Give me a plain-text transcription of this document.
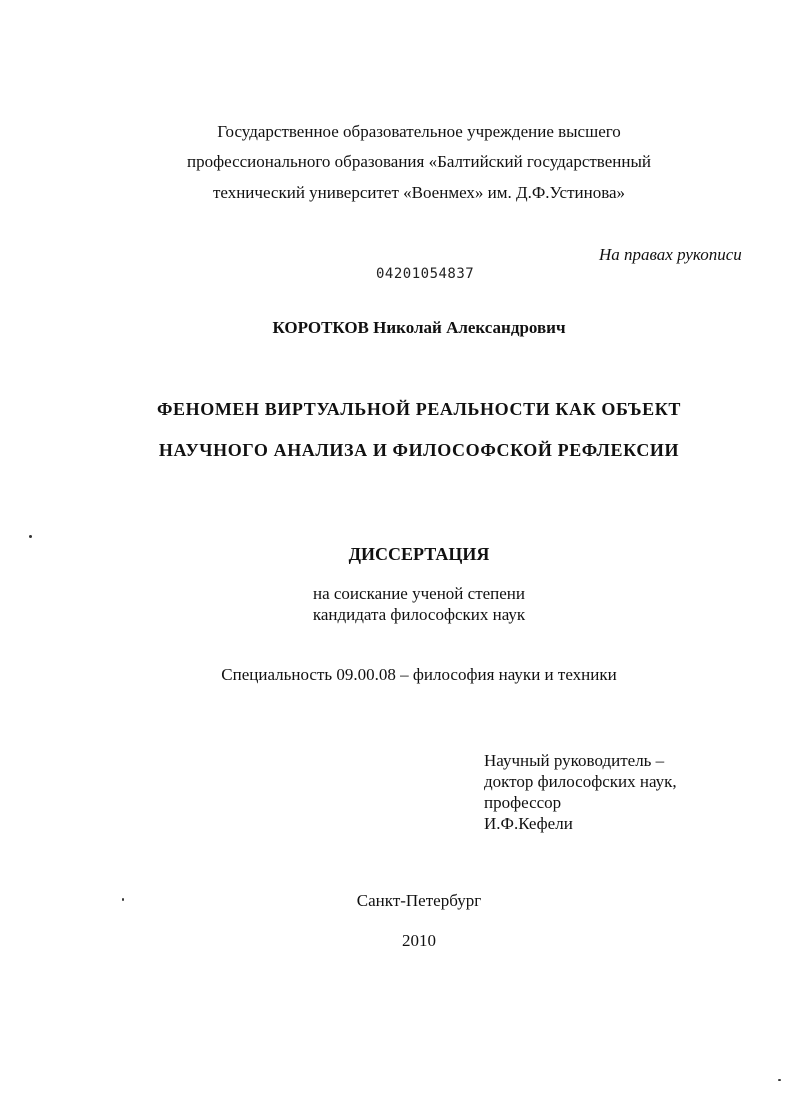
Государственное образовательное учреждение высшего
профессионального образования «Балтийский государственный
технический университет «Военмех» им. Д.Ф.Устинова»
На правах рукописи
04201054837
КОРОТКОВ Николай Александрович
ФЕНОМЕН ВИРТУАЛЬНОЙ РЕАЛЬНОСТИ КАК ОБЪЕКТ
НАУЧНОГО АНАЛИЗА И ФИЛОСОФСКОЙ РЕФЛЕКСИИ
ДИССЕРТАЦИЯ
на соискание ученой степени
кандидата философских наук
Специальность 09.00.08 – философия науки и техники
Научный руководитель –
доктор философских наук,
профессор
И.Ф.Кефели
Санкт-Петербург
2010
